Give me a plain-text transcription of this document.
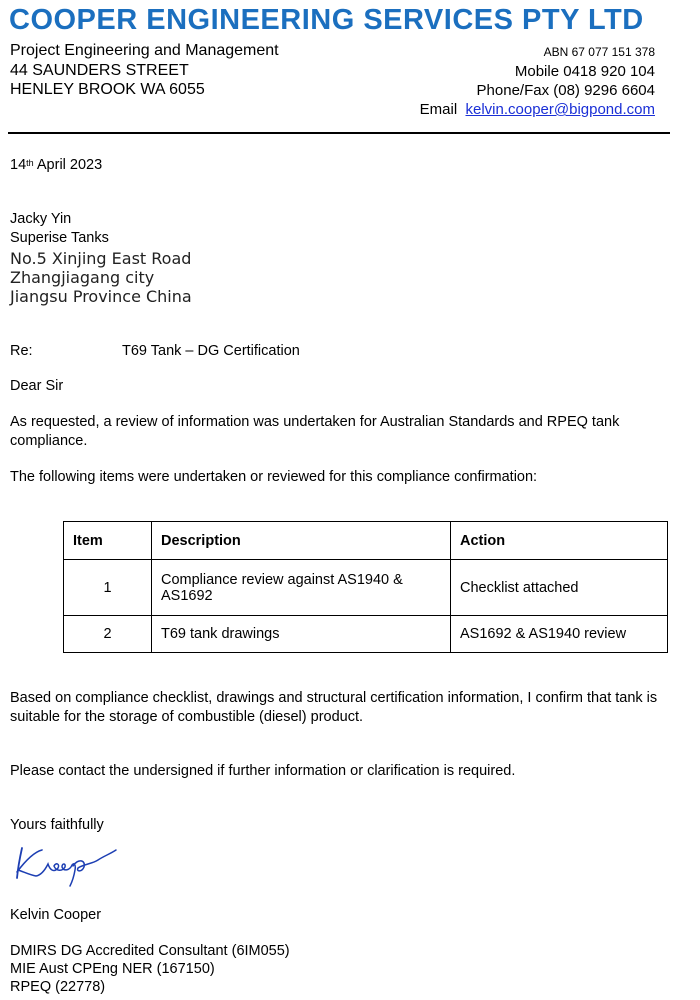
COOPER ENGINEERING SERVICES PTY LTD
Project Engineering and Management
44 SAUNDERS STREET
HENLEY BROOK WA 6055
ABN 67 077 151 378
Mobile 0418 920 104
Phone/Fax (08) 9296 6604
Email kelvin.cooper@bigpond.com
14th April 2023
Jacky Yin
Superise Tanks
No.5 Xinjing East Road
Zhangjiagang city
Jiangsu Province China
Re:	T69 Tank – DG Certification
Dear Sir
As requested, a review of information was undertaken for Australian Standards and RPEQ tank compliance.
The following items were undertaken or reviewed for this compliance confirmation:
Item	Description	Action
1	Compliance review against AS1940 & AS1692	Checklist attached
2	T69 tank drawings	AS1692 & AS1940 review
Based on compliance checklist, drawings and structural certification information, I confirm that tank is suitable for the storage of combustible (diesel) product.
Please contact the undersigned if further information or clarification is required.
Yours faithfully
Kelvin Cooper
DMIRS DG Accredited Consultant (6IM055)
MIE Aust CPEng NER (167150)
RPEQ (22778)
